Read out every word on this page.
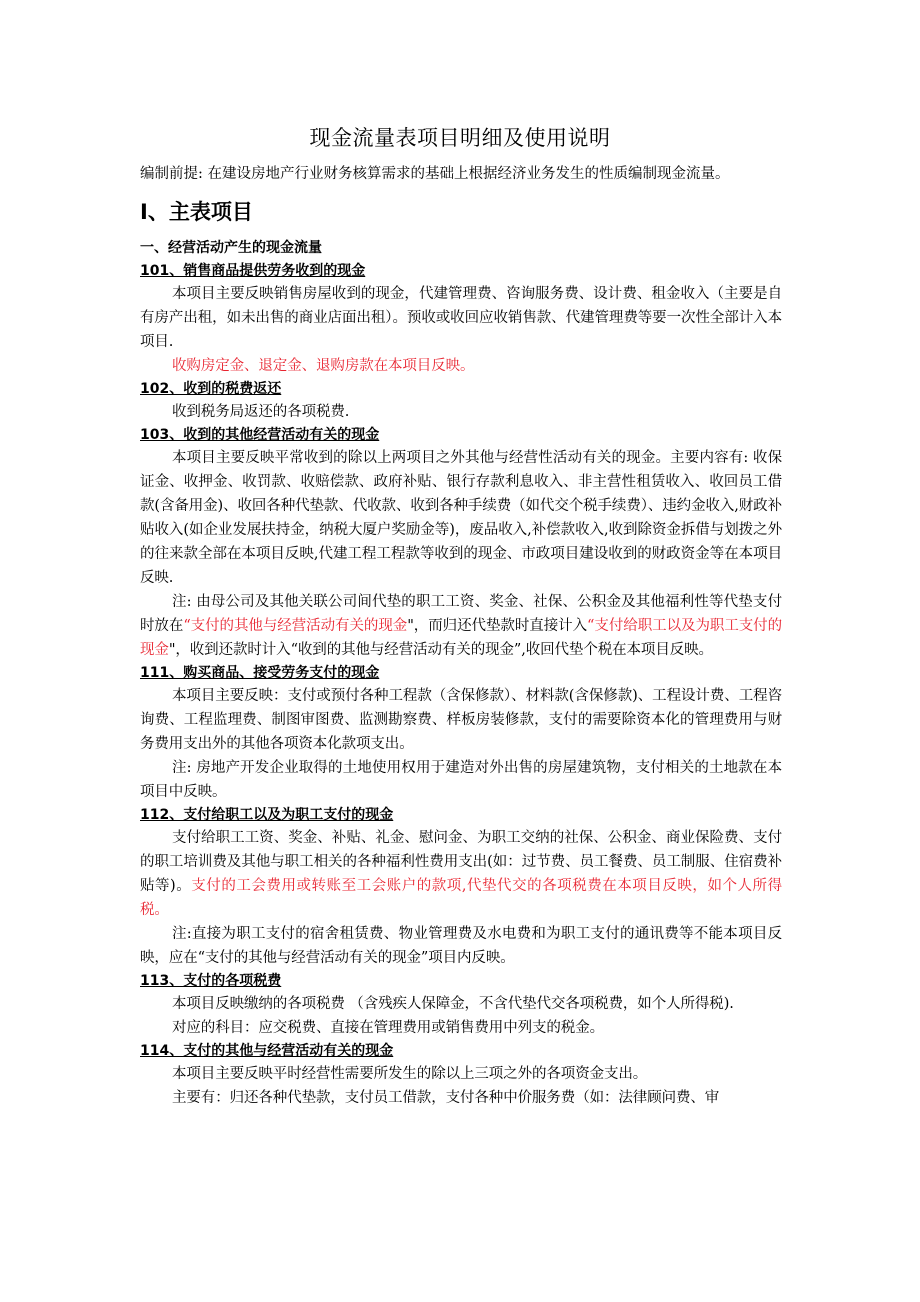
现金流量表项目明细及使用说明
编制前提: 在建设房地产行业财务核算需求的基础上根据经济业务发生的性质编制现金流量。
Ⅰ、主表项目
一、经营活动产生的现金流量
101、销售商品提供劳务收到的现金

本项目主要反映销售房屋收到的现金，代建管理费、咨询服务费、设计费、租金收入（主要是自有房产出租，如未出售的商业店面出租）。预收或收回应收销售款、代建管理费等要一次性全部计入本项目.

收购房定金、退定金、退购房款在本项目反映。

102、收到的税费返还

收到税务局返还的各项税费.

103、收到的其他经营活动有关的现金

本项目主要反映平常收到的除以上两项目之外其他与经营性活动有关的现金。主要内容有: 收保证金、收押金、收罚款、收赔偿款、政府补贴、银行存款利息收入、非主营性租赁收入、收回员工借款(含备用金)、收回各种代垫款、代收款、收到各种手续费（如代交个税手续费）、违约金收入,财政补贴收入(如企业发展扶持金，纳税大厦户奖励金等)，废品收入,补偿款收入,收到除资金拆借与划拨之外的往来款全部在本项目反映,代建工程工程款等收到的现金、市政项目建设收到的财政资金等在本项目反映.

注: 由母公司及其他关联公司间代垫的职工工资、奖金、社保、公积金及其他福利性等代垫支付时放在“支付的其他与经营活动有关的现金"，而归还代垫款时直接计入“支付给职工以及为职工支付的现金"，收到还款时计入“收到的其他与经营活动有关的现金”,收回代垫个税在本项目反映。

111、购买商品、接受劳务支付的现金

本项目主要反映：支付或预付各种工程款（含保修款）、材料款(含保修款)、工程设计费、工程咨询费、工程监理费、制图审图费、监测勘察费、样板房装修款，支付的需要除资本化的管理费用与财务费用支出外的其他各项资本化款项支出。

注: 房地产开发企业取得的土地使用权用于建造对外出售的房屋建筑物，支付相关的土地款在本项目中反映。

112、支付给职工以及为职工支付的现金

支付给职工工资、奖金、补贴、礼金、慰问金、为职工交纳的社保、公积金、商业保险费、支付的职工培训费及其他与职工相关的各种福利性费用支出(如：过节费、员工餐费、员工制服、住宿费补贴等)。支付的工会费用或转账至工会账户的款项,代垫代交的各项税费在本项目反映，如个人所得税。

注:直接为职工支付的宿舍租赁费、物业管理费及水电费和为职工支付的通讯费等不能本项目反映，应在“支付的其他与经营活动有关的现金”项目内反映。

113、支付的各项税费

本项目反映缴纳的各项税费 （含残疾人保障金，不含代垫代交各项税费，如个人所得税).

对应的科目：应交税费、直接在管理费用或销售费用中列支的税金。

114、支付的其他与经营活动有关的现金

本项目主要反映平时经营性需要所发生的除以上三项之外的各项资金支出。

主要有：归还各种代垫款，支付员工借款，支付各种中价服务费（如：法律顾问费、审
